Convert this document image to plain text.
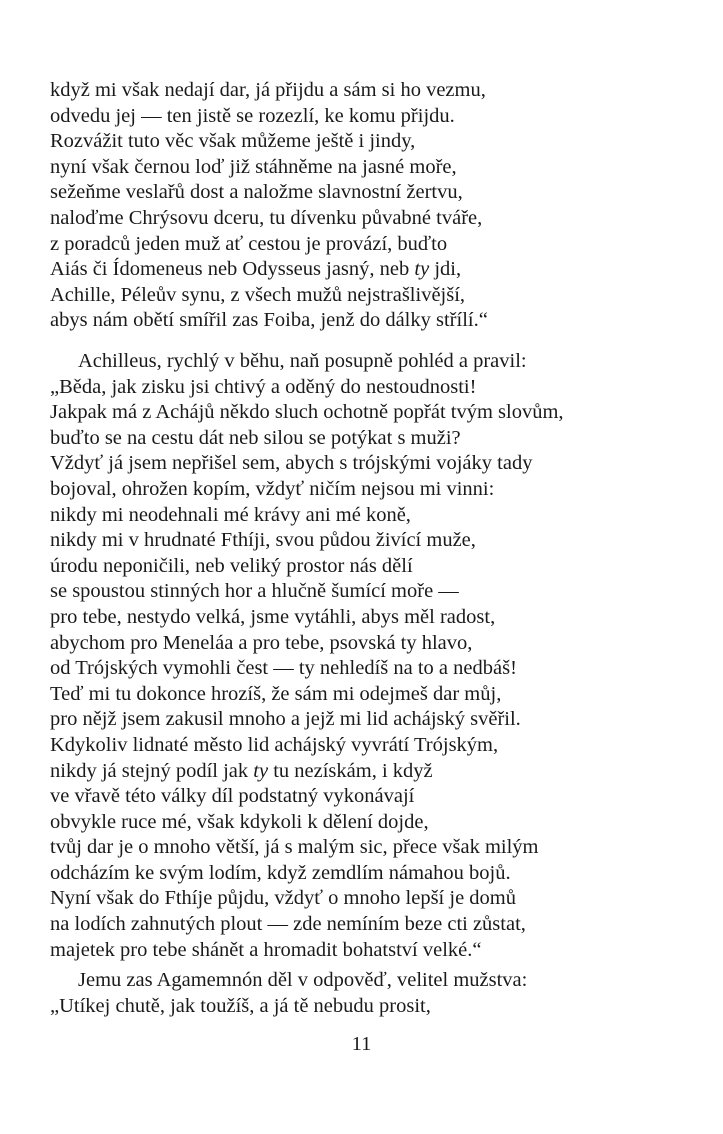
když mi však nedají dar, já přijdu a sám si ho vezmu,
odvedu jej — ten jistě se rozezlí, ke komu přijdu.
Rozvážit tuto věc však můžeme ještě i jindy,
nyní však černou loď již stáhněme na jasné moře,
sežeňme veslařů dost a naložme slavnostní žertvu,
naloďme Chrýsovu dceru, tu dívenku půvabné tváře,
z poradců jeden muž ať cestou je provází, buďto
Aiás či Ídomeneus neb Odysseus jasný, neb ty jdi,
Achille, Péleův synu, z všech mužů nejstrašlivější,
abys nám obětí smířil zas Foiba, jenž do dálky střílí.“
Achilleus, rychlý v běhu, naň posupně pohléd a pravil:
„Běda, jak zisku jsi chtivý a oděný do nestoudnosti!
Jakpak má z Achájů někdo sluch ochotně popřát tvým slovům,
buďto se na cestu dát neb silou se potýkat s muži?
Vždyť já jsem nepřišel sem, abych s trójskými vojáky tady
bojoval, ohrožen kopím, vždyť ničím nejsou mi vinni:
nikdy mi neodehnali mé krávy ani mé koně,
nikdy mi v hrudnaté Fthíji, svou půdou živící muže,
úrodu neponičili, neb veliký prostor nás dělí
se spoustou stinných hor a hlučně šumící moře —
pro tebe, nestydo velká, jsme vytáhli, abys měl radost,
abychom pro Meneláa a pro tebe, psovská ty hlavo,
od Trójských vymohli čest — ty nehledíš na to a nedbáš!
Teď mi tu dokonce hrozíš, že sám mi odejmeš dar můj,
pro nějž jsem zakusil mnoho a jejž mi lid achájský svěřil.
Kdykoliv lidnaté město lid achájský vyvrátí Trójským,
nikdy já stejný podíl jak ty tu nezískám, i když
ve vřavě této války díl podstatný vykonávají
obvykle ruce mé, však kdykoli k dělení dojde,
tvůj dar je o mnoho větší, já s malým sic, přece však milým
odcházím ke svým lodím, když zemdlím námahou bojů.
Nyní však do Fthíje půjdu, vždyť o mnoho lepší je domů
na lodích zahnutých plout — zde nemíním beze cti zůstat,
majetek pro tebe shánět a hromadit bohatství velké.“
Jemu zas Agamemnón děl v odpověď, velitel mužstva:
„Utíkej chutě, jak toužíš, a já tě nebudu prosit,
11
